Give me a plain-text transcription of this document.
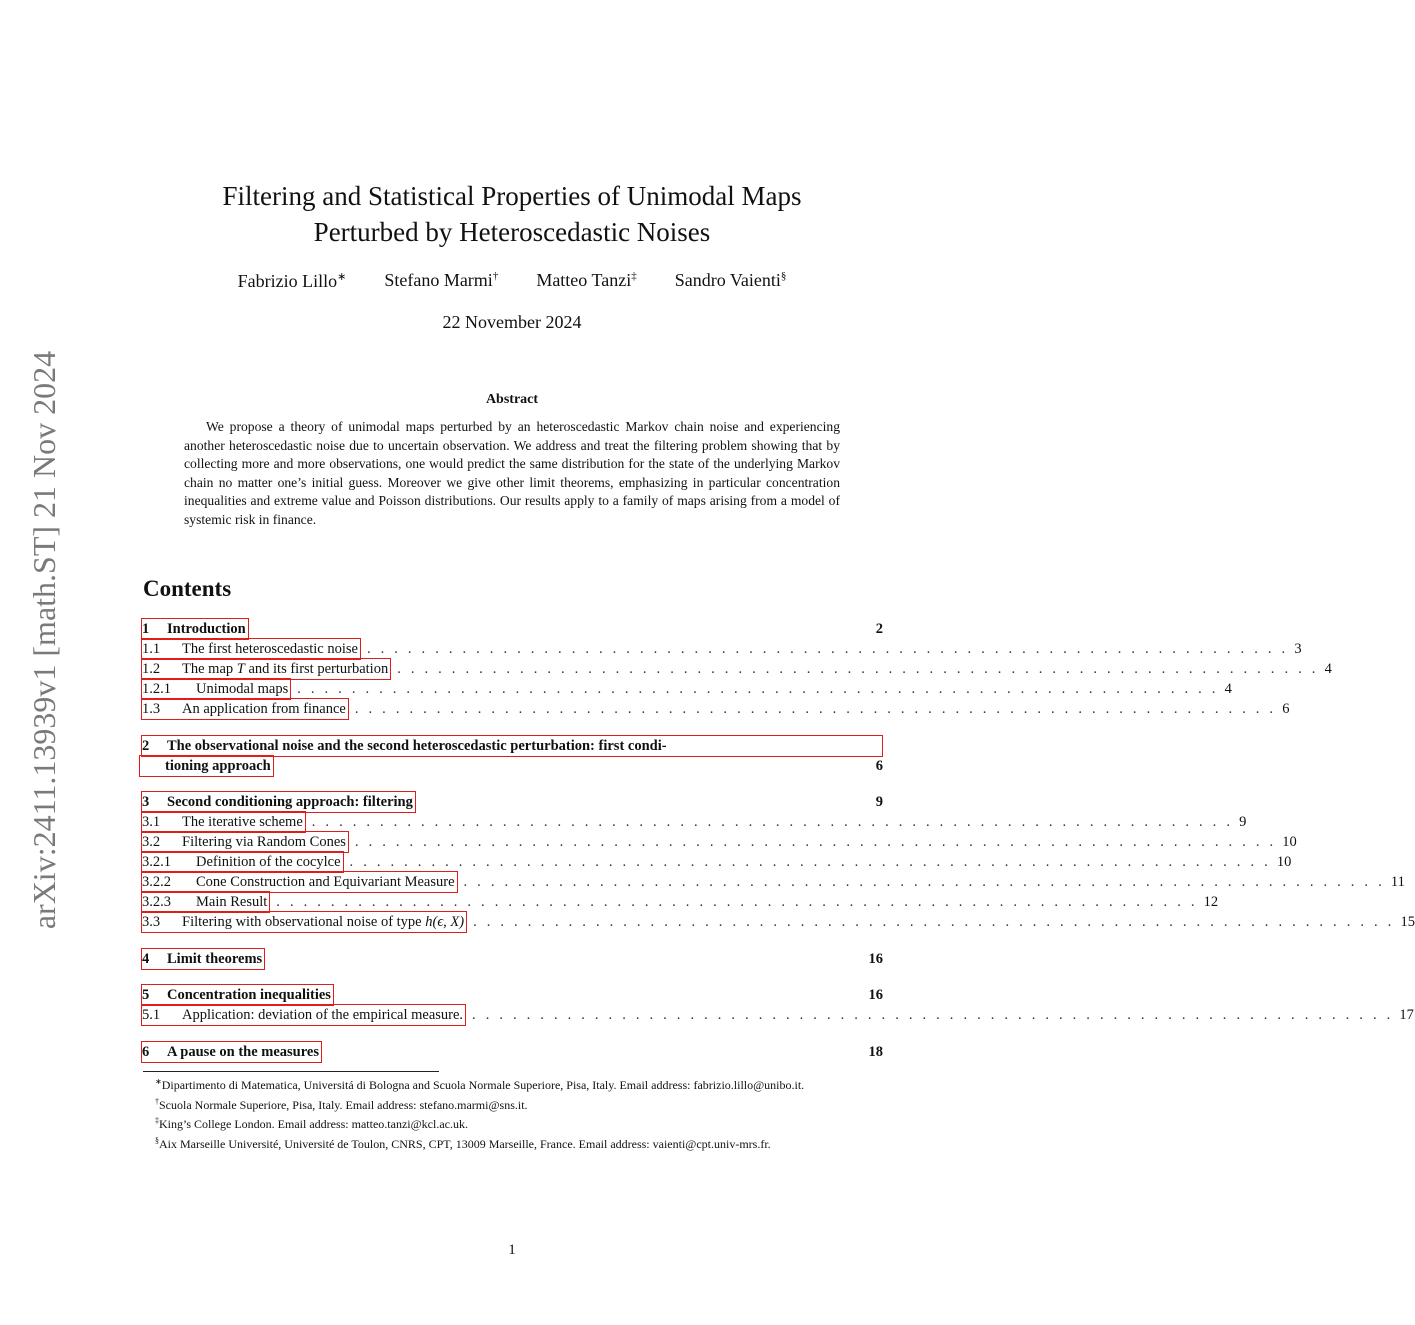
arXiv:2411.13939v1 [math.ST] 21 Nov 2024
Filtering and Statistical Properties of Unimodal Maps
Perturbed by Heteroscedastic Noises
Fabrizio Lillo∗ Stefano Marmi† Matteo Tanzi‡ Sandro Vaienti§
22 November 2024
Abstract
We propose a theory of unimodal maps perturbed by an heteroscedastic Markov chain noise and experiencing another heteroscedastic noise due to uncertain observation. We address and treat the filtering problem showing that by collecting more and more observations, one would predict the same distribution for the state of the underlying Markov chain no matter one’s initial guess. Moreover we give other limit theorems, emphasizing in particular concentration inequalities and extreme value and Poisson distributions. Our results apply to a family of maps arising from a model of systemic risk in finance.
Contents
1 Introduction	2
1.1 The first heteroscedastic noise . . . . . . . . . . . . . . . . . . . . . . . . . . . . . . . . . . . . . . . . . . . . . . . . . . . . . . . . . . . . . . . . . . . . 3
1.2 The map T and its first perturbation . . . . . . . . . . . . . . . . . . . . . . . . . . . . . . . . . . . . . . . . . . . . . . . . . . . . . . . . . . . . . . . . . . . . 4
1.2.1 Unimodal maps . . . . . . . . . . . . . . . . . . . . . . . . . . . . . . . . . . . . . . . . . . . . . . . . . . . . . . . . . . . . . . . . . . . . 4
1.3 An application from finance . . . . . . . . . . . . . . . . . . . . . . . . . . . . . . . . . . . . . . . . . . . . . . . . . . . . . . . . . . . . . . . . . . . . 6
2 The observational noise and the second heteroscedastic perturbation: first condi-
tioning approach	6
3 Second conditioning approach: filtering	9
3.1 The iterative scheme . . . . . . . . . . . . . . . . . . . . . . . . . . . . . . . . . . . . . . . . . . . . . . . . . . . . . . . . . . . . . . . . . . . . 9
3.2 Filtering via Random Cones . . . . . . . . . . . . . . . . . . . . . . . . . . . . . . . . . . . . . . . . . . . . . . . . . . . . . . . . . . . . . . . . . . . . 10
3.2.1 Definition of the cocylce . . . . . . . . . . . . . . . . . . . . . . . . . . . . . . . . . . . . . . . . . . . . . . . . . . . . . . . . . . . . . . . . . . . . 10
3.2.2 Cone Construction and Equivariant Measure . . . . . . . . . . . . . . . . . . . . . . . . . . . . . . . . . . . . . . . . . . . . . . . . . . . . . . . . . . . . . . . . . . . . 11
3.2.3 Main Result . . . . . . . . . . . . . . . . . . . . . . . . . . . . . . . . . . . . . . . . . . . . . . . . . . . . . . . . . . . . . . . . . . . . 12
3.3 Filtering with observational noise of type h(ϵ, X) . . . . . . . . . . . . . . . . . . . . . . . . . . . . . . . . . . . . . . . . . . . . . . . . . . . . . . . . . . . . . . . . . . . . 15
4 Limit theorems	16
5 Concentration inequalities	16
5.1 Application: deviation of the empirical measure. . . . . . . . . . . . . . . . . . . . . . . . . . . . . . . . . . . . . . . . . . . . . . . . . . . . . . . . . . . . . . . . . . . . . 17
6 A pause on the measures	18

∗Dipartimento di Matematica, Universitá di Bologna and Scuola Normale Superiore, Pisa, Italy. Email address: fabrizio.lillo@unibo.it.

†Scuola Normale Superiore, Pisa, Italy. Email address: stefano.marmi@sns.it.

‡King’s College London. Email address: matteo.tanzi@kcl.ac.uk.

§Aix Marseille Université, Université de Toulon, CNRS, CPT, 13009 Marseille, France. Email address: vaienti@cpt.univ-mrs.fr.

1
